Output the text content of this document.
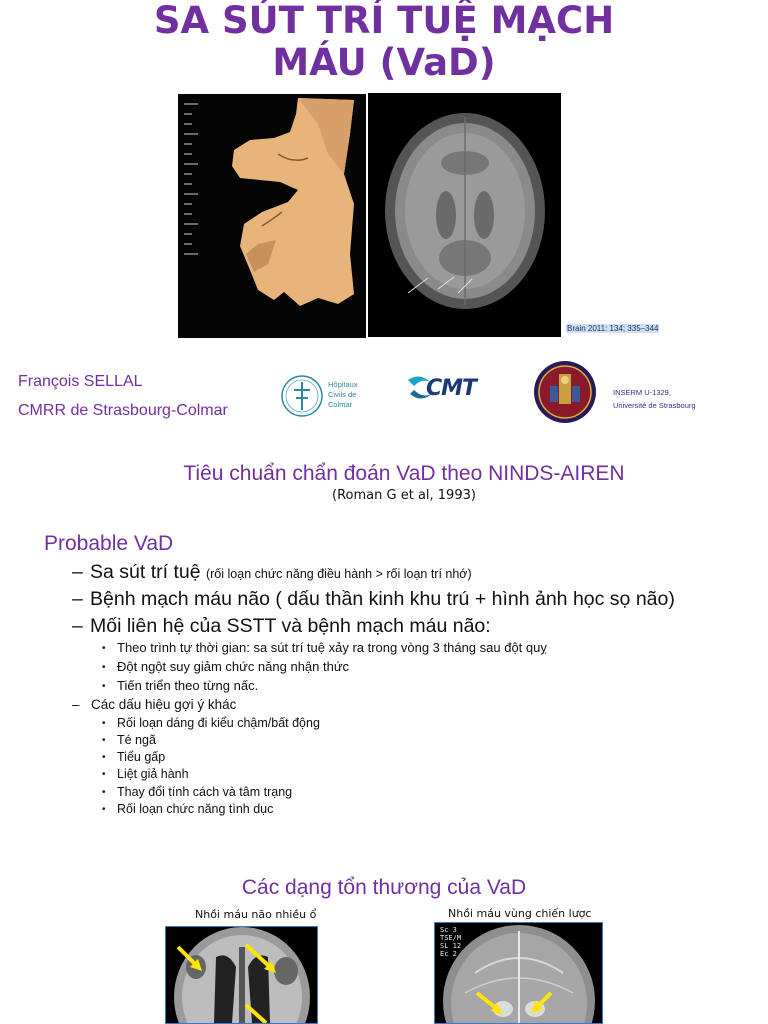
SA SÚT TRÍ TUỆ MẠCH
MÁU (VaD)
Brain 2011: 134; 335–344
François SELLAL
CMRR de Strasbourg-Colmar
Hôpitaux
Civils de
Colmar
CMT	INSERM U-1329,
Université de Strasbourg
Tiêu chuẩn chẩn đoán VaD theo NINDS-AIREN
(Roman G et al, 1993)
Probable VaD
– Sa sút trí tuệ (rối loạn chức năng điều hành > rối loạn trí nhớ)
– Bệnh mạch máu não ( dấu thần kinh khu trú + hình ảnh học sọ não)
– Mối liên hệ của SSTT và bệnh mạch máu não:
• Theo trình tự thời gian: sa sút trí tuệ xảy ra trong vòng 3 tháng sau đột quỵ
• Đột ngột suy giảm chức năng nhận thức
• Tiến triển theo từng nấc.
– Các dấu hiệu gợi ý khác
• Rối loạn dáng đi kiểu chậm/bất động
• Té ngã
• Tiểu gấp
• Liệt giả hành
• Thay đổi tính cách và tâm trạng
• Rối loạn chức năng tình dục
Các dạng tổn thương của VaD
Nhồi máu não nhiều ổ	Nhồi máu vùng chiến lược
Sc 3
TSE/M
SL 12
Ec 2
